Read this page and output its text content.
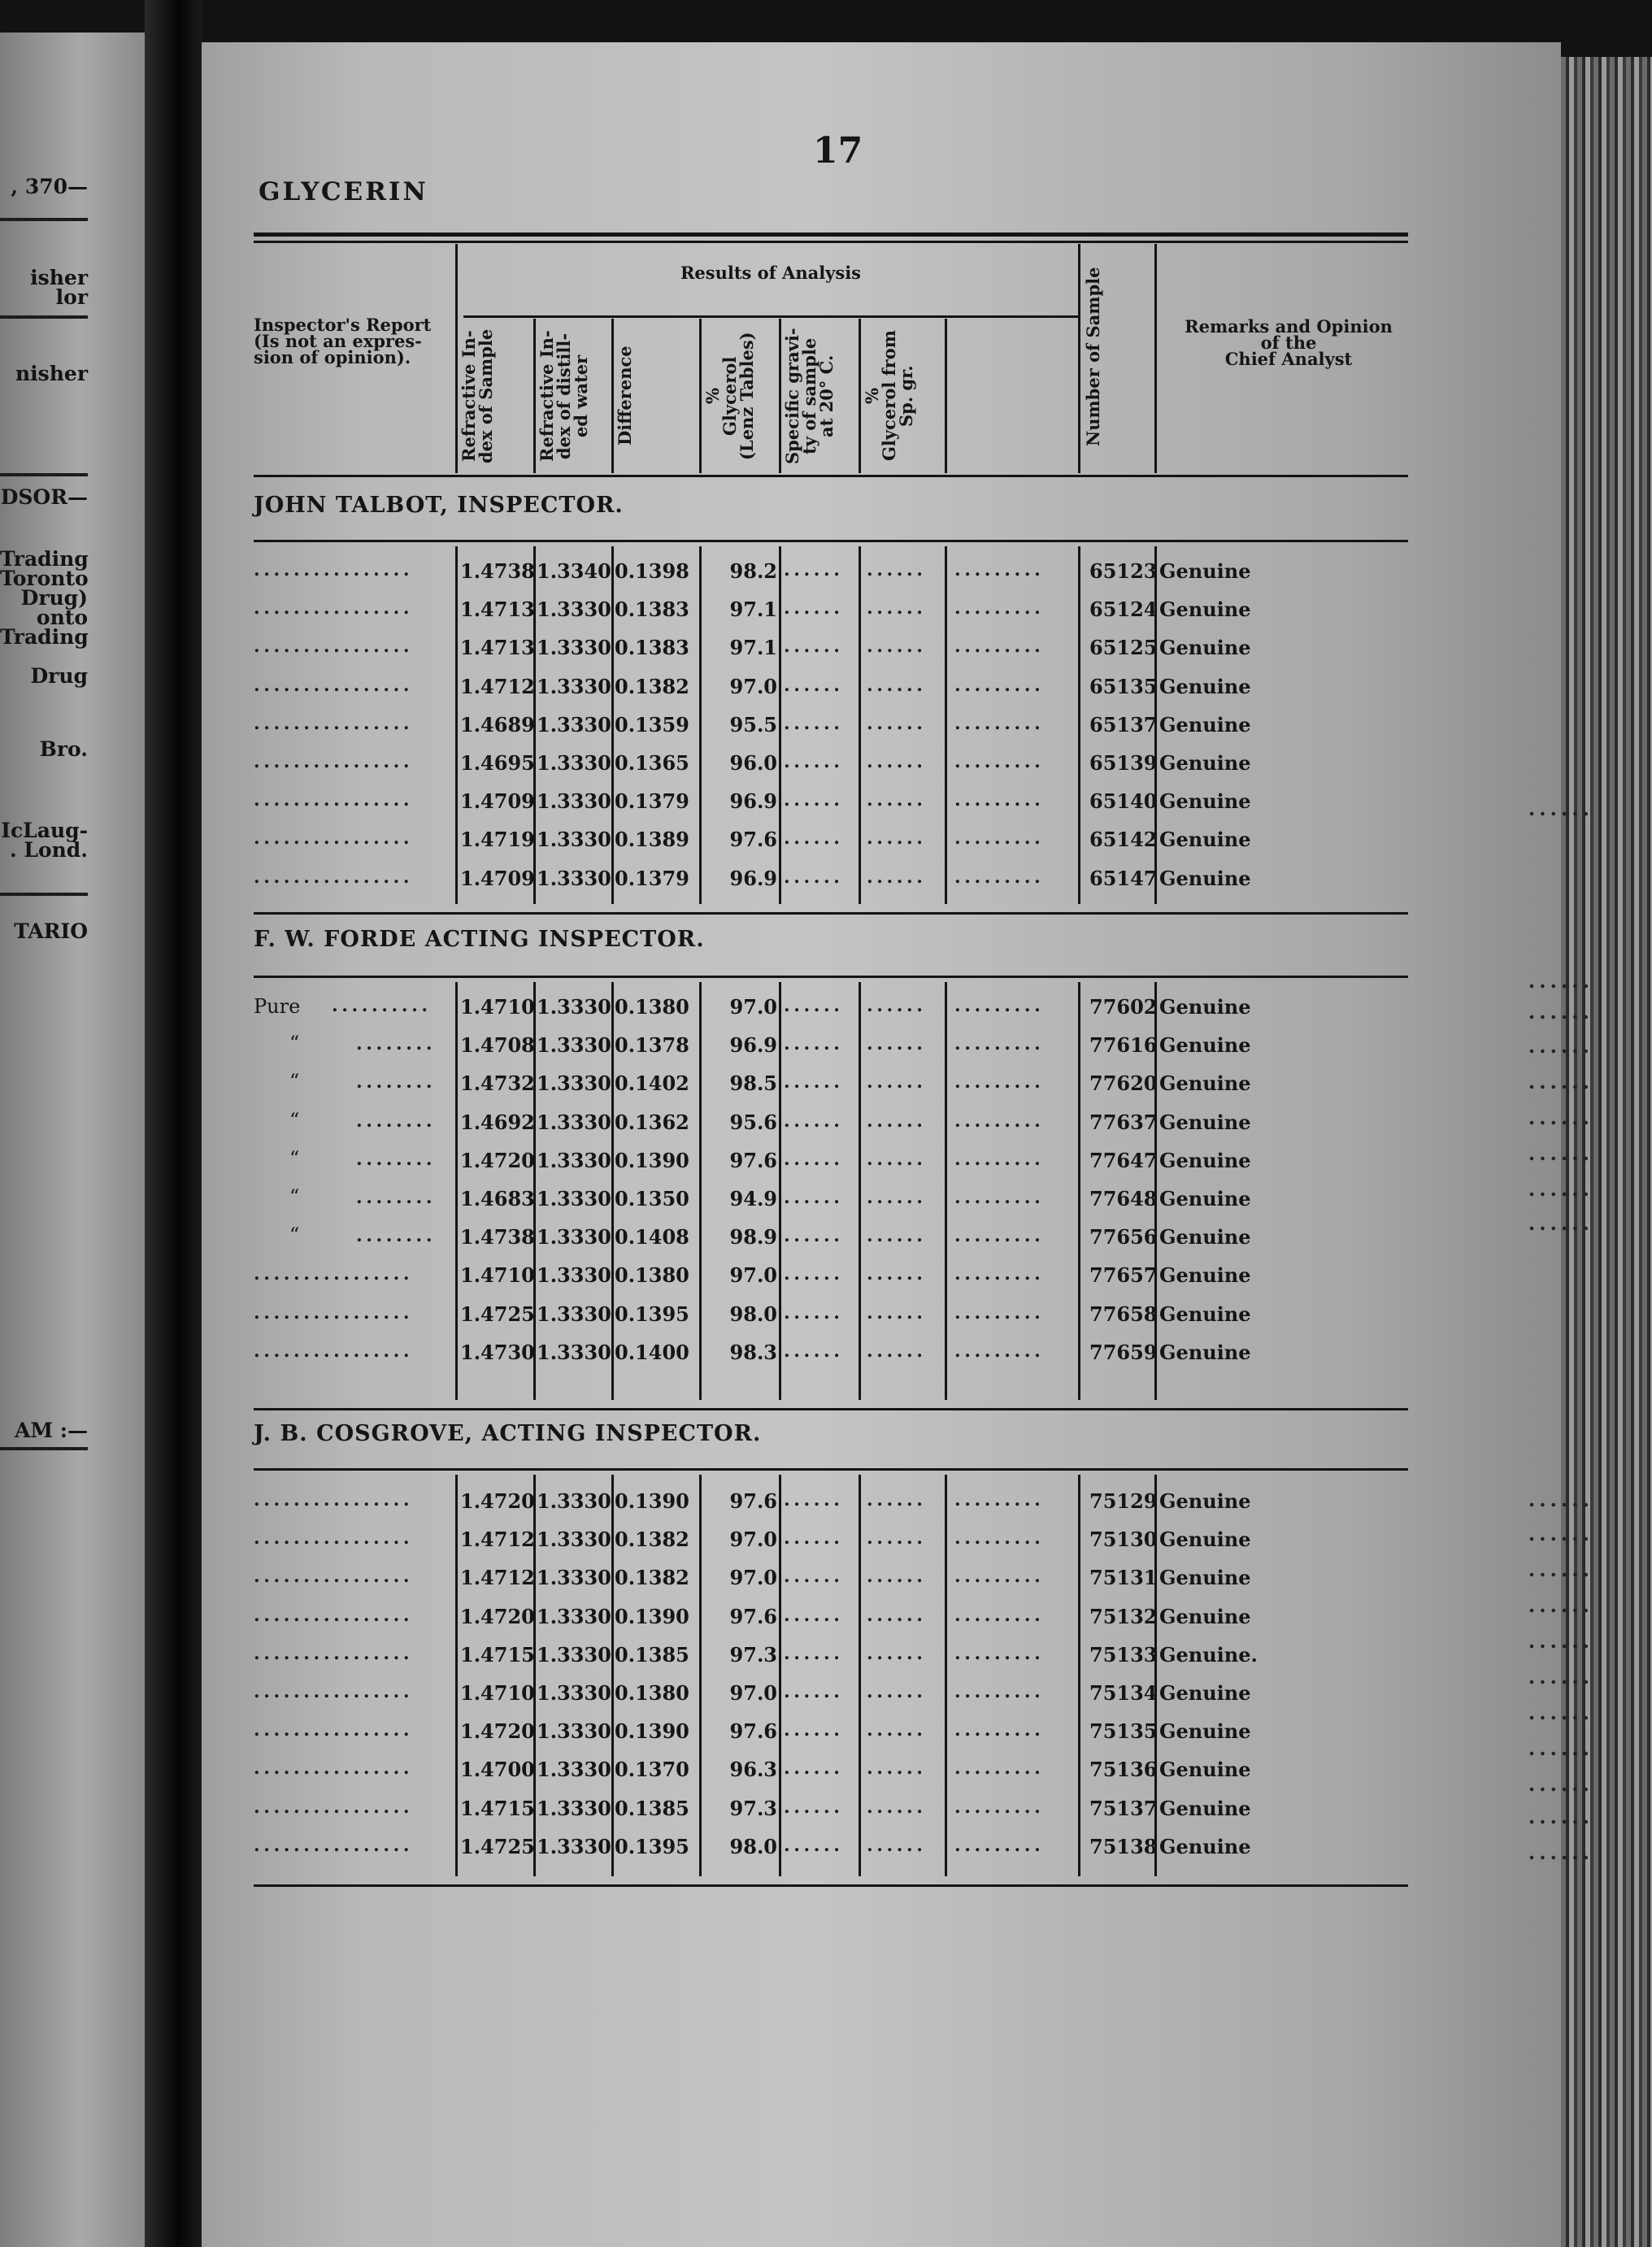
, 370—
isher
lor
nisher
DSOR—
Trading
Toronto
Drug)
onto
Trading
Drug
Bro.
IcLaug-
. Lond.
TARIO
AM :—
......
......
......
......
......
......
......
......
......
......
......
......
......
......
......
......
......
......
......
......
17
GLYCERIN
Inspector's Report
(Is not an expres-
sion of opinion).
Results of Analysis
Refractive In-
dex of Sample	Refractive In-
dex of distill-
ed water	Difference	%
Glycerol
(Lenz Tables)
Specific gravi-
ty of sample
at 20° C.
%
Glycerol from
Sp. gr.	Number of Sample	Remarks and Opinion
of the
Chief Analyst
JOHN TALBOT, INSPECTOR.
................	1.4738 1.3340 0.1398	98.2 ......	......	.........	65123 Genuine
................	1.4713 1.3330 0.1383	97.1 ......	......	.........	65124 Genuine
................	1.4713 1.3330 0.1383	97.1 ......	......	.........	65125 Genuine
................	1.4712 1.3330 0.1382	97.0 ......	......	.........	65135 Genuine
................	1.4689 1.3330 0.1359	95.5 ......	......	.........	65137 Genuine
................	1.4695 1.3330 0.1365	96.0 ......	......	.........	65139 Genuine
................	1.4709 1.3330 0.1379	96.9 ......	......	.........	65140 Genuine
................	1.4719 1.3330 0.1389	97.6 ......	......	.........	65142 Genuine
................	1.4709 1.3330 0.1379	96.9 ......	......	.........	65147 Genuine
F. W. FORDE ACTING INSPECTOR.
Pure ..........	1.4710 1.3330 0.1380	97.0 ......	......	.........	77602 Genuine
“	........	1.4708 1.3330 0.1378	96.9 ......	......	.........	77616 Genuine
“	........	1.4732 1.3330 0.1402	98.5 ......	......	.........	77620 Genuine
“	........	1.4692 1.3330 0.1362	95.6 ......	......	.........	77637 Genuine
“	........	1.4720 1.3330 0.1390	97.6 ......	......	.........	77647 Genuine
“	........	1.4683 1.3330 0.1350	94.9 ......	......	.........	77648 Genuine
“	........	1.4738 1.3330 0.1408	98.9 ......	......	.........	77656 Genuine
................	1.4710 1.3330 0.1380	97.0 ......	......	.........	77657 Genuine
................	1.4725 1.3330 0.1395	98.0 ......	......	.........	77658 Genuine
................	1.4730 1.3330 0.1400	98.3 ......	......	.........	77659 Genuine
J. B. COSGROVE, ACTING INSPECTOR.
................	1.4720 1.3330 0.1390	97.6 ......	......	.........	75129 Genuine
................	1.4712 1.3330 0.1382	97.0 ......	......	.........	75130 Genuine
................	1.4712 1.3330 0.1382	97.0 ......	......	.........	75131 Genuine
................	1.4720 1.3330 0.1390	97.6 ......	......	.........	75132 Genuine
................	1.4715 1.3330 0.1385	97.3 ......	......	.........	75133 Genuine.
................	1.4710 1.3330 0.1380	97.0 ......	......	.........	75134 Genuine
................	1.4720 1.3330 0.1390	97.6 ......	......	.........	75135 Genuine
................	1.4700 1.3330 0.1370	96.3 ......	......	.........	75136 Genuine
................	1.4715 1.3330 0.1385	97.3 ......	......	.........	75137 Genuine
................	1.4725 1.3330 0.1395	98.0 ......	......	.........	75138 Genuine
